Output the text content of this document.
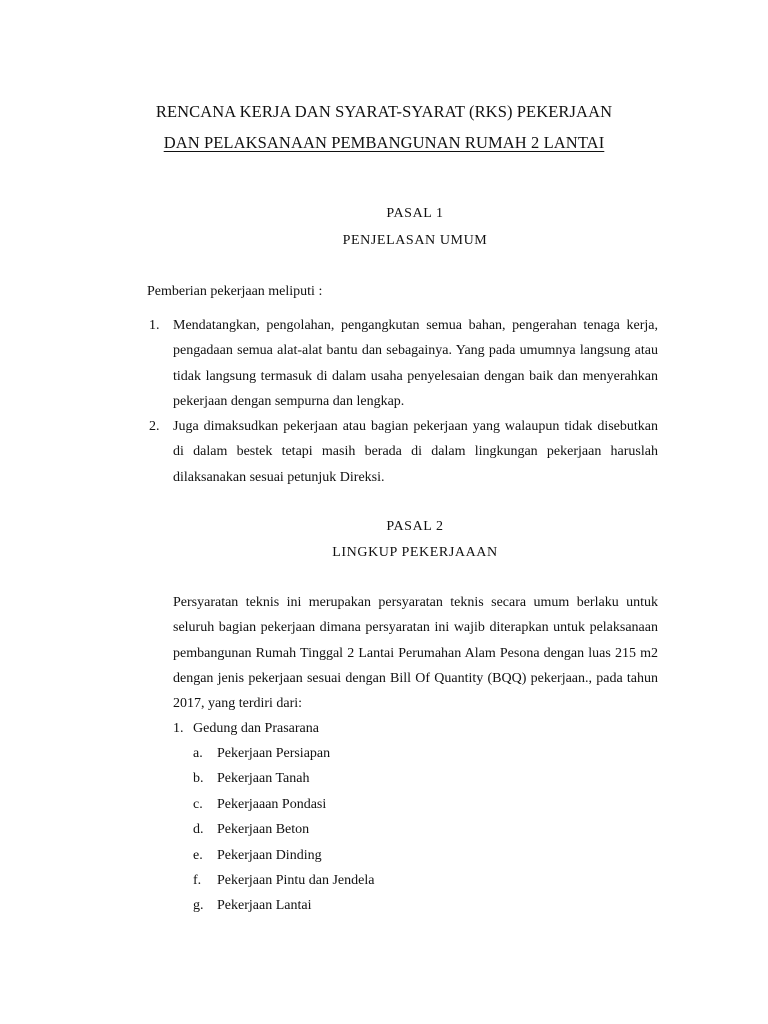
RENCANA KERJA DAN SYARAT-SYARAT (RKS) PEKERJAAN
DAN PELAKSANAAN PEMBANGUNAN RUMAH 2 LANTAI
PASAL 1
PENJELASAN UMUM
Pemberian pekerjaan meliputi :
1. Mendatangkan, pengolahan, pengangkutan semua bahan, pengerahan tenaga kerja, pengadaan semua alat-alat bantu dan sebagainya. Yang pada umumnya langsung atau tidak langsung termasuk di dalam usaha penyelesaian dengan baik dan menyerahkan pekerjaan dengan sempurna dan lengkap.
2. Juga dimaksudkan pekerjaan atau bagian pekerjaan yang walaupun tidak disebutkan di dalam bestek tetapi masih berada di dalam lingkungan pekerjaan haruslah dilaksanakan sesuai petunjuk Direksi.
PASAL 2
LINGKUP PEKERJAAAN
Persyaratan teknis ini merupakan persyaratan teknis secara umum berlaku untuk seluruh bagian pekerjaan dimana persyaratan ini wajib diterapkan untuk pelaksanaan pembangunan Rumah Tinggal 2 Lantai Perumahan Alam Pesona dengan luas 215 m2 dengan jenis pekerjaan sesuai dengan Bill Of Quantity (BQQ) pekerjaan., pada tahun 2017, yang terdiri dari:
1. Gedung dan Prasarana
a.	Pekerjaan Persiapan
b. Pekerjaan Tanah
c.	Pekerjaaan Pondasi
d. Pekerjaan Beton
e.	Pekerjaan Dinding
f.	Pekerjaan Pintu dan Jendela
g. Pekerjaan Lantai
